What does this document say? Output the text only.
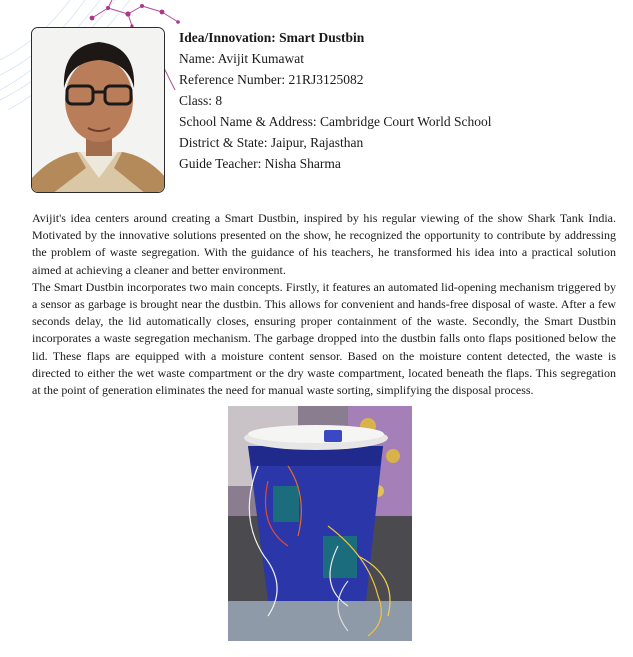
Idea/Innovation: Smart Dustbin
Name: Avijit Kumawat
Reference Number: 21RJ3125082
Class: 8
School Name & Address: Cambridge Court World School
District & State: Jaipur, Rajasthan
Guide Teacher: Nisha Sharma

Avijit's idea centers around creating a Smart Dustbin, inspired by his regular viewing of the show Shark Tank India. Motivated by the innovative solutions presented on the show, he recognized the opportunity to contribute by addressing the problem of waste segregation. With the guidance of his teachers, he transformed his idea into a practical solution aimed at achieving a cleaner and better environment.

The Smart Dustbin incorporates two main concepts. Firstly, it features an automated lid-opening mechanism triggered by a sensor as garbage is brought near the dustbin. This allows for convenient and hands-free disposal of waste. After a few seconds delay, the lid automatically closes, ensuring proper containment of the waste. Secondly, the Smart Dustbin incorporates a waste segregation mechanism. The garbage dropped into the dustbin falls onto flaps positioned below the lid. These flaps are equipped with a moisture content sensor. Based on the moisture content detected, the waste is directed to either the wet waste compartment or the dry waste compartment, located beneath the flaps. This segregation at the point of generation eliminates the need for manual waste sorting, simplifying the disposal process.
